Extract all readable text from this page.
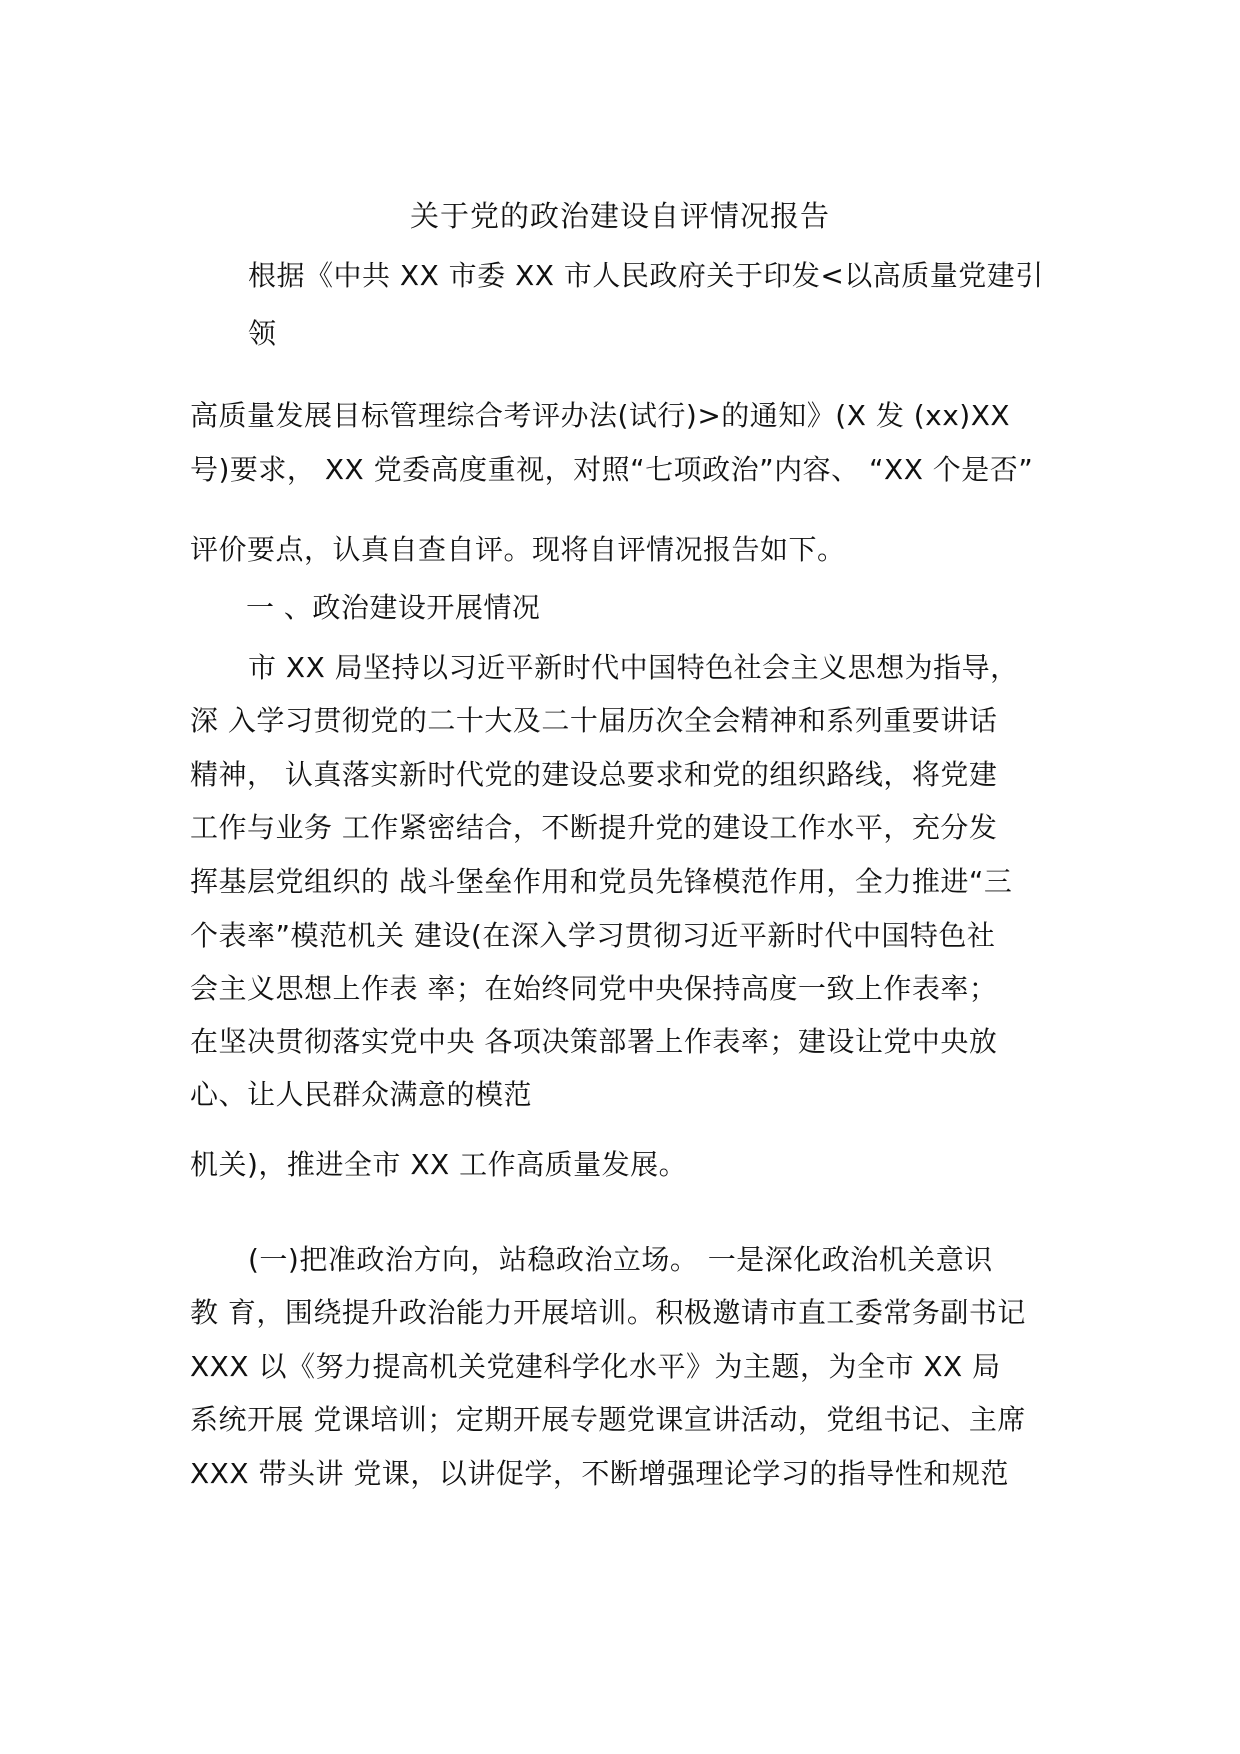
关于党的政治建设自评情况报告
根据《中共 XX 市委 XX 市人民政府关于印发<以高质量党建引
领
高质量发展目标管理综合考评办法(试行)>的通知》(X 发 (xx)XX
号)要求， XX 党委高度重视，对照“七项政治”内容、 “XX 个是否”
评价要点，认真自查自评。现将自评情况报告如下。
一 、政治建设开展情况
市 XX 局坚持以习近平新时代中国特色社会主义思想为指导，
深 入学习贯彻党的二十大及二十届历次全会精神和系列重要讲话
精神， 认真落实新时代党的建设总要求和党的组织路线，将党建
工作与业务 工作紧密结合，不断提升党的建设工作水平，充分发
挥基层党组织的 战斗堡垒作用和党员先锋模范作用，全力推进“三
个表率”模范机关 建设(在深入学习贯彻习近平新时代中国特色社
会主义思想上作表 率；在始终同党中央保持高度一致上作表率；
在坚决贯彻落实党中央 各项决策部署上作表率；建设让党中央放
心、让人民群众满意的模范
机关)，推进全市 XX 工作高质量发展。
(一)把准政治方向，站稳政治立场。 一是深化政治机关意识
教 育，围绕提升政治能力开展培训。积极邀请市直工委常务副书记
XXX 以《努力提高机关党建科学化水平》为主题，为全市 XX 局
系统开展 党课培训；定期开展专题党课宣讲活动，党组书记、主席
XXX 带头讲 党课，以讲促学，不断增强理论学习的指导性和规范
